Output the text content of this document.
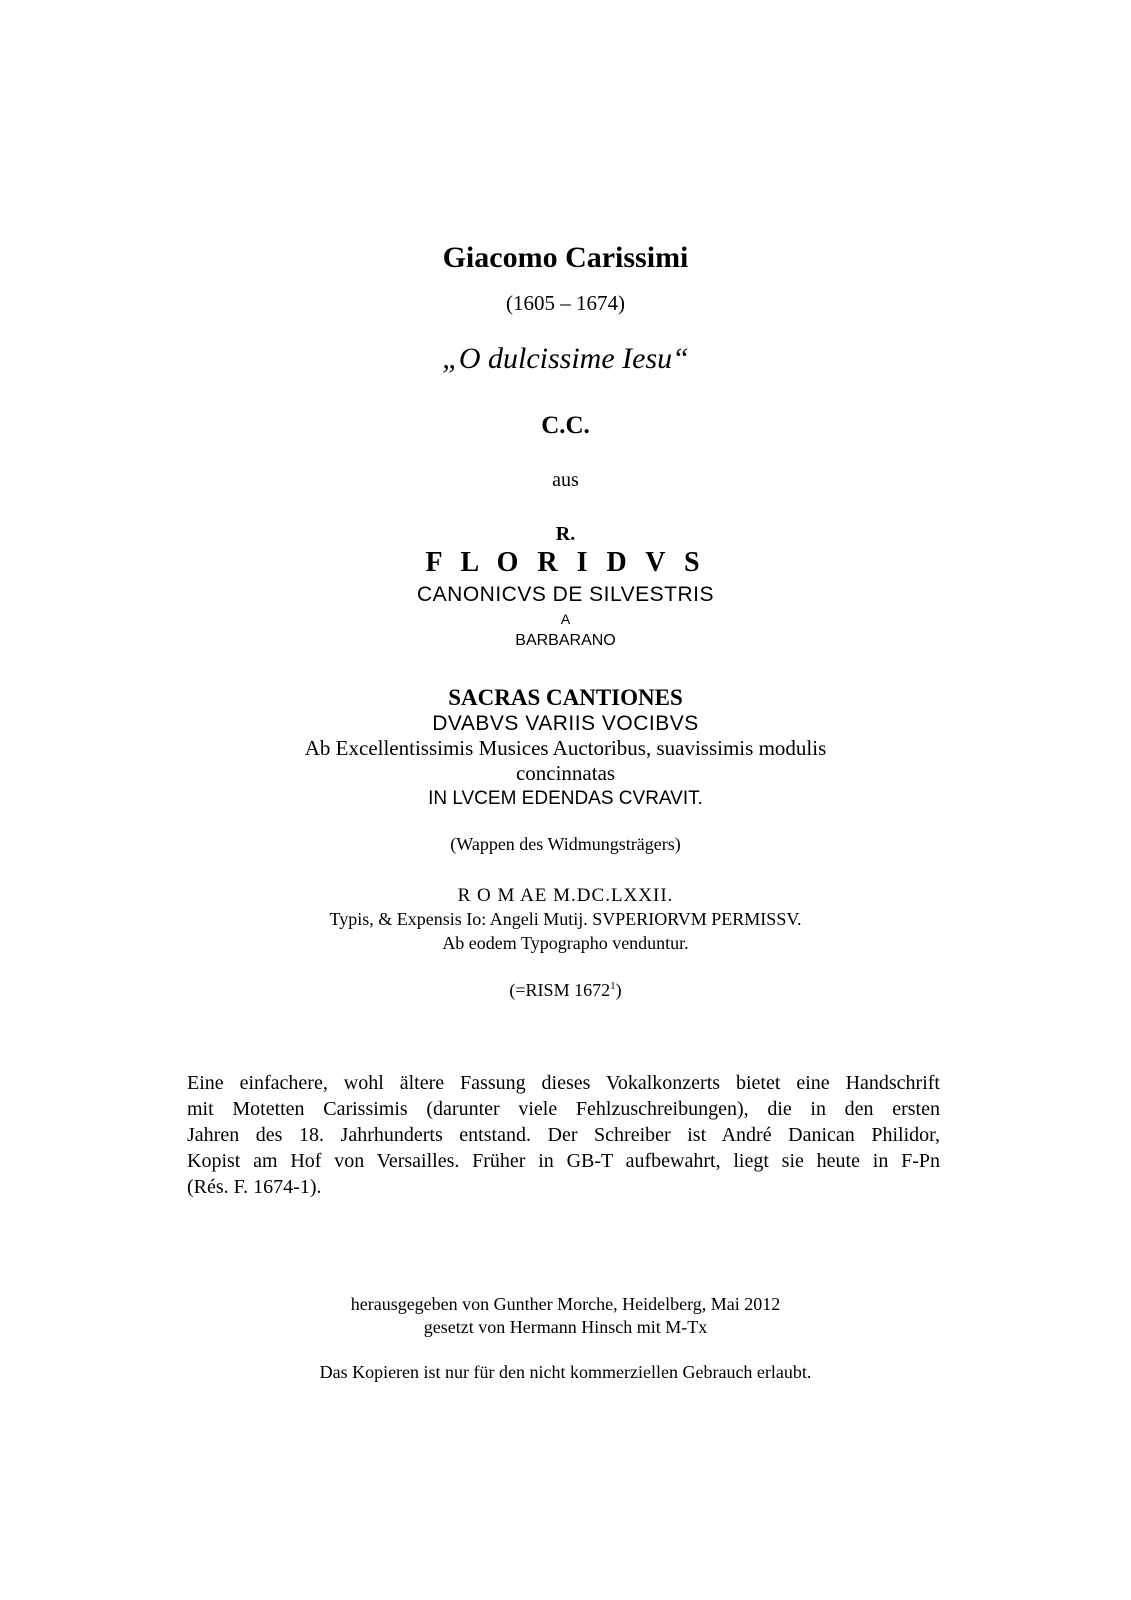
Giacomo Carissimi
(1605 – 1674)
„O dulcissime Iesu“
C.C.
aus
R.
F L O R I D V S
CANONICVS DE SILVESTRIS
A
BARBARANO
SACRAS CANTIONES
DVABVS VARIIS VOCIBVS
Ab Excellentissimis Musices Auctoribus, suavissimis modulis
concinnatas
IN LVCEM EDENDAS CVRAVIT.
(Wappen des Widmungsträgers)
R O M AE M.DC.LXXII.
Typis, & Expensis Io: Angeli Mutij. SVPERIORVM PERMISSV.
Ab eodem Typographo venduntur.
(=RISM 1672$^1$)
Eine einfachere, wohl ältere Fassung dieses Vokalkonzerts bietet eine Handschrift
mit Motetten Carissimis (darunter viele Fehlzuschreibungen), die in den ersten
Jahren des 18. Jahrhunderts entstand. Der Schreiber ist André Danican Philidor,
Kopist am Hof von Versailles. Früher in GB-T aufbewahrt, liegt sie heute in F-Pn
(Rés. F. 1674-1).
herausgegeben von Gunther Morche, Heidelberg, Mai 2012
gesetzt von Hermann Hinsch mit M-Tx
Das Kopieren ist nur für den nicht kommerziellen Gebrauch erlaubt.
